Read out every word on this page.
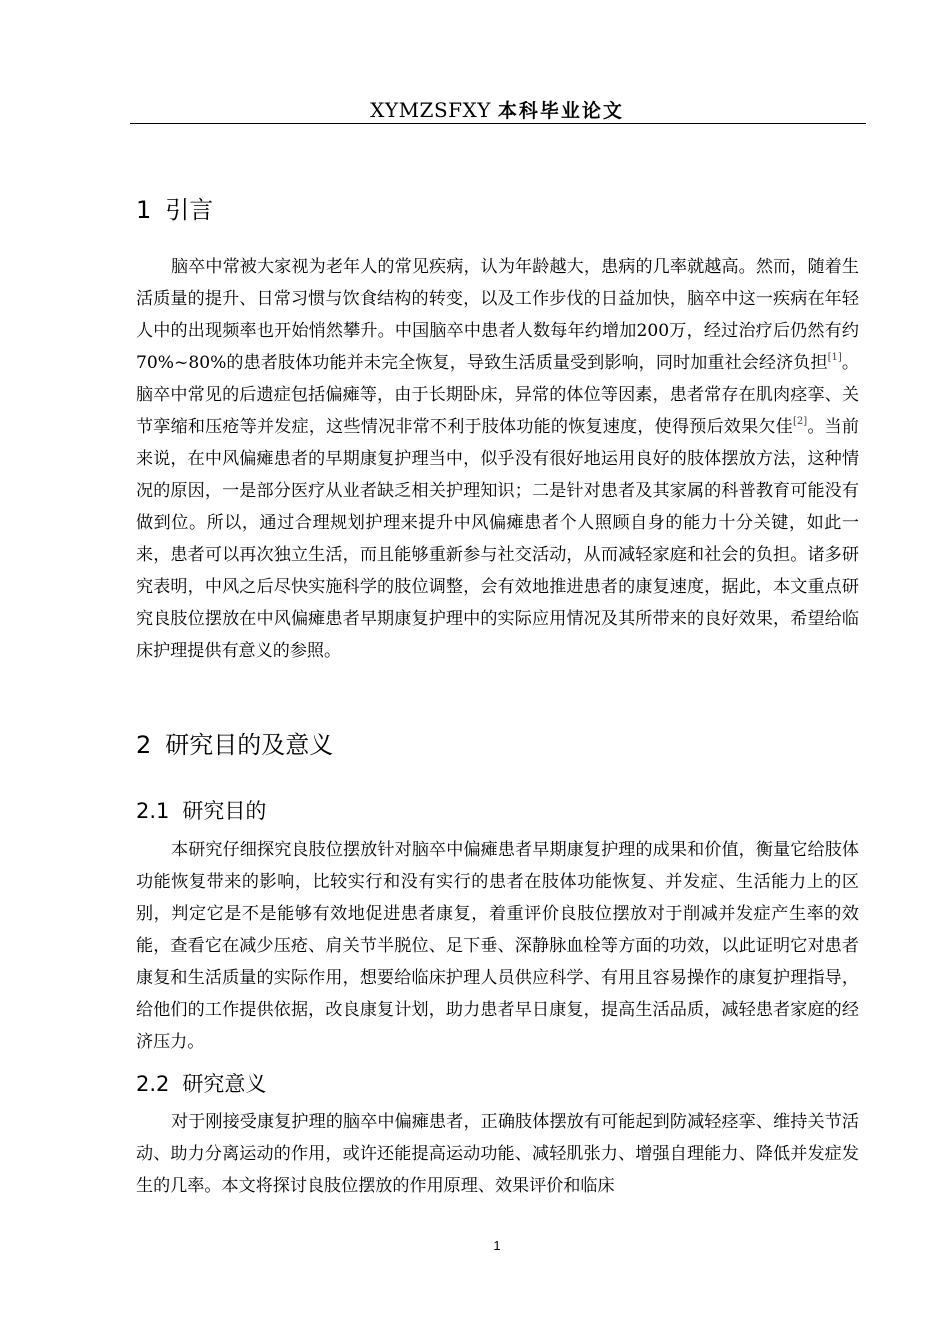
XYMZSFXY 本科毕业论文
1 引言
脑卒中常被大家视为老年人的常见疾病，认为年龄越大，患病的几率就越高。然而，随着生活质量的提升、日常习惯与饮食结构的转变，以及工作步伐的日益加快，脑卒中这一疾病在年轻人中的出现频率也开始悄然攀升。中国脑卒中患者人数每年约增加200万，经过治疗后仍然有约70%~80%的患者肢体功能并未完全恢复，导致生活质量受到影响，同时加重社会经济负担[1]。脑卒中常见的后遗症包括偏瘫等，由于长期卧床，异常的体位等因素，患者常存在肌肉痉挛、关节挛缩和压疮等并发症，这些情况非常不利于肢体功能的恢复速度，使得预后效果欠佳[2]。当前来说，在中风偏瘫患者的早期康复护理当中，似乎没有很好地运用良好的肢体摆放方法，这种情况的原因，一是部分医疗从业者缺乏相关护理知识；二是针对患者及其家属的科普教育可能没有做到位。所以，通过合理规划护理来提升中风偏瘫患者个人照顾自身的能力十分关键，如此一来，患者可以再次独立生活，而且能够重新参与社交活动，从而减轻家庭和社会的负担。诸多研究表明，中风之后尽快实施科学的肢位调整，会有效地推进患者的康复速度，据此，本文重点研究良肢位摆放在中风偏瘫患者早期康复护理中的实际应用情况及其所带来的良好效果，希望给临床护理提供有意义的参照。
2 研究目的及意义
2.1 研究目的
本研究仔细探究良肢位摆放针对脑卒中偏瘫患者早期康复护理的成果和价值，衡量它给肢体功能恢复带来的影响，比较实行和没有实行的患者在肢体功能恢复、并发症、生活能力上的区别，判定它是不是能够有效地促进患者康复，着重评价良肢位摆放对于削减并发症产生率的效能，查看它在减少压疮、肩关节半脱位、足下垂、深静脉血栓等方面的功效，以此证明它对患者康复和生活质量的实际作用，想要给临床护理人员供应科学、有用且容易操作的康复护理指导，给他们的工作提供依据，改良康复计划，助力患者早日康复，提高生活品质，减轻患者家庭的经济压力。
2.2 研究意义
对于刚接受康复护理的脑卒中偏瘫患者，正确肢体摆放有可能起到防减轻痉挛、维持关节活动、助力分离运动的作用，或许还能提高运动功能、减轻肌张力、增强自理能力、降低并发症发生的几率。本文将探讨良肢位摆放的作用原理、效果评价和临床
1
